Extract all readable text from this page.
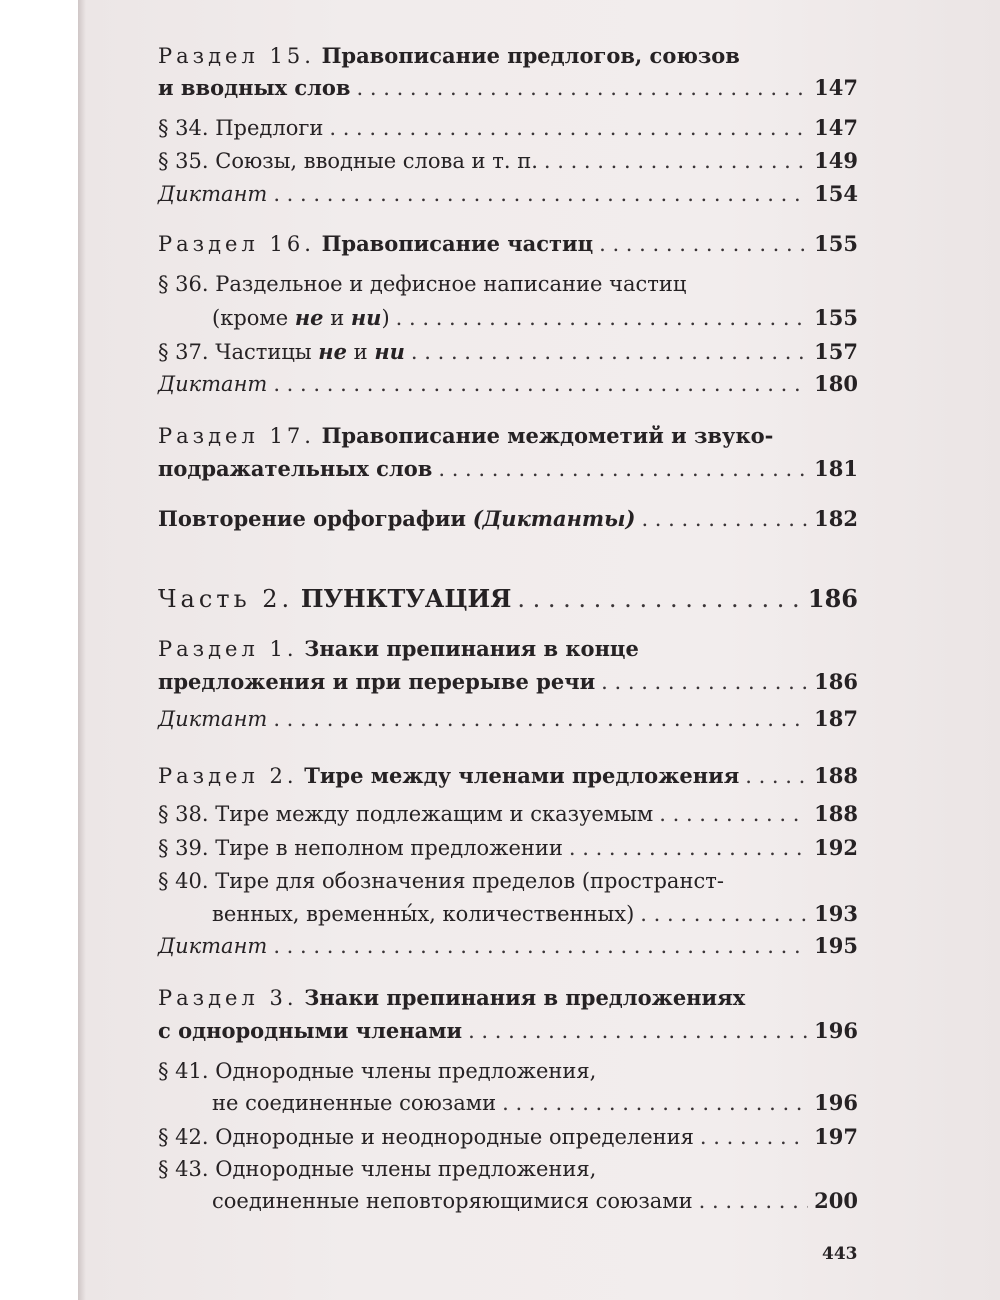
Раздел 15. Правописание предлогов, союзов
и вводных слов . . .	147
§ 34. Предлоги . . .	147
§ 35. Союзы, вводные слова и т. п. . . .	149
Диктант . . .	154
Раздел 16. Правописание частиц . . .	155
§ 36. Раздельное и дефисное написание частиц
(кроме не и ни) . . .	155
§ 37. Частицы не и ни . . .	157
Диктант . . .	180
Раздел 17. Правописание междометий и звуко-
подражательных слов . . .	181
Повторение орфографии (Диктанты) . . .	182
Часть 2. ПУНКТУАЦИЯ . . .	186
Раздел 1. Знаки препинания в конце
предложения и при перерыве речи . . .	186
Диктант . . .	187
Раздел 2. Тире между членами предложения . . .	188
§ 38. Тире между подлежащим и сказуемым . . .	188
§ 39. Тире в неполном предложении . . .	192
§ 40. Тире для обозначения пределов (пространст-
венных, временны́х, количественных) . . .	193
Диктант . . .	195
Раздел 3. Знаки препинания в предложениях
с однородными членами . . .	196
§ 41. Однородные члены предложения,
не соединенные союзами . . .	196
§ 42. Однородные и неоднородные определения . . .	197
§ 43. Однородные члены предложения,
соединенные неповторяющимися союзами . . .	200
443
